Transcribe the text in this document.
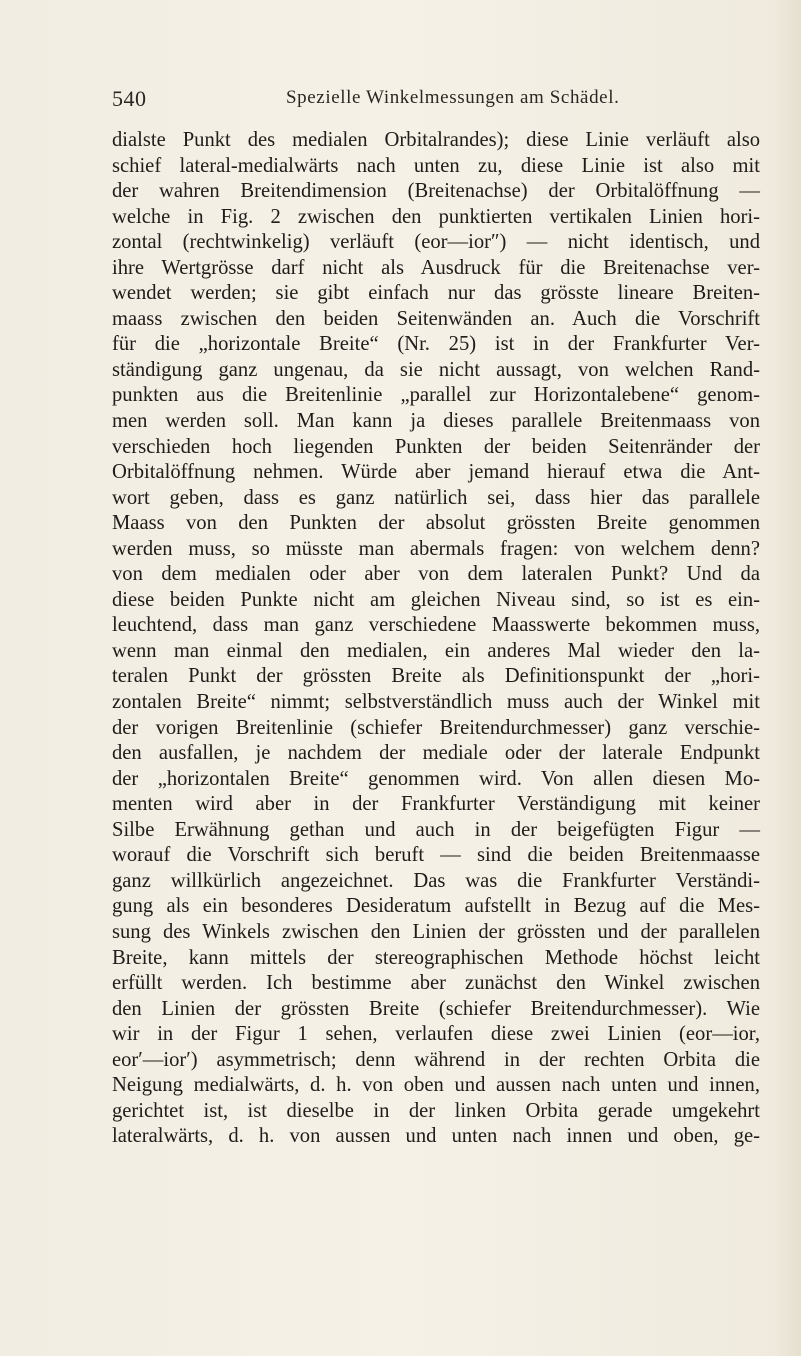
540	Spezielle Winkelmessungen am Schädel.
dialste Punkt des medialen Orbitalrandes); diese Linie verläuft also
schief lateral-medialwärts nach unten zu, diese Linie ist also mit
der wahren Breitendimension (Breitenachse) der Orbitalöffnung —
welche in Fig. 2 zwischen den punktierten vertikalen Linien hori-
zontal (rechtwinkelig) verläuft (eor—ior″) — nicht identisch, und
ihre Wertgrösse darf nicht als Ausdruck für die Breitenachse ver-
wendet werden; sie gibt einfach nur das grösste lineare Breiten-
maass zwischen den beiden Seitenwänden an. Auch die Vorschrift
für die „horizontale Breite“ (Nr. 25) ist in der Frankfurter Ver-
ständigung ganz ungenau, da sie nicht aussagt, von welchen Rand-
punkten aus die Breitenlinie „parallel zur Horizontalebene“ genom-
men werden soll. Man kann ja dieses parallele Breitenmaass von
verschieden hoch liegenden Punkten der beiden Seitenränder der
Orbitalöffnung nehmen. Würde aber jemand hierauf etwa die Ant-
wort geben, dass es ganz natürlich sei, dass hier das parallele
Maass von den Punkten der absolut grössten Breite genommen
werden muss, so müsste man abermals fragen: von welchem denn?
von dem medialen oder aber von dem lateralen Punkt? Und da
diese beiden Punkte nicht am gleichen Niveau sind, so ist es ein-
leuchtend, dass man ganz verschiedene Maasswerte bekommen muss,
wenn man einmal den medialen, ein anderes Mal wieder den la-
teralen Punkt der grössten Breite als Definitionspunkt der „hori-
zontalen Breite“ nimmt; selbstverständlich muss auch der Winkel mit
der vorigen Breitenlinie (schiefer Breitendurchmesser) ganz verschie-
den ausfallen, je nachdem der mediale oder der laterale Endpunkt
der „horizontalen Breite“ genommen wird. Von allen diesen Mo-
menten wird aber in der Frankfurter Verständigung mit keiner
Silbe Erwähnung gethan und auch in der beigefügten Figur —
worauf die Vorschrift sich beruft — sind die beiden Breitenmaasse
ganz willkürlich angezeichnet. Das was die Frankfurter Verständi-
gung als ein besonderes Desideratum aufstellt in Bezug auf die Mes-
sung des Winkels zwischen den Linien der grössten und der parallelen
Breite, kann mittels der stereographischen Methode höchst leicht
erfüllt werden. Ich bestimme aber zunächst den Winkel zwischen
den Linien der grössten Breite (schiefer Breitendurchmesser). Wie
wir in der Figur 1 sehen, verlaufen diese zwei Linien (eor—ior,
eor′—ior′) asymmetrisch; denn während in der rechten Orbita die
Neigung medialwärts, d. h. von oben und aussen nach unten und innen,
gerichtet ist, ist dieselbe in der linken Orbita gerade umgekehrt
lateralwärts, d. h. von aussen und unten nach innen und oben, ge-
